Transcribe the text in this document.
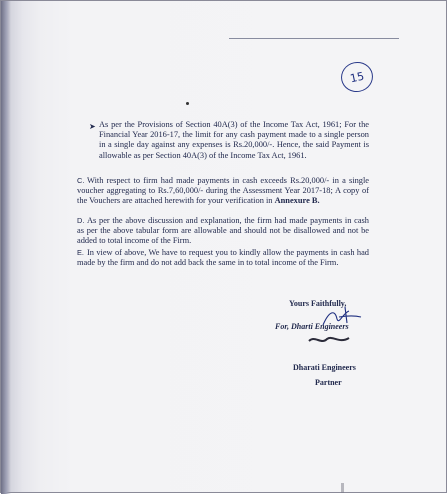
15
➤ As per the Provisions of Section 40A(3) of the Income Tax Act, 1961; For the Financial Year 2016-17, the limit for any cash payment made to a single person in a single day against any expenses is Rs.20,000/-. Hence, the said Payment is allowable as per Section 40A(3) of the Income Tax Act, 1961.
C. With respect to firm had made payments in cash exceeds Rs.20,000/- in a single voucher aggregating to Rs.7,60,000/- during the Assessment Year 2017-18; A copy of the Vouchers are attached herewith for your verification in Annexure B.
D. As per the above discussion and explanation, the firm had made payments in cash as per the above tabular form are allowable and should not be disallowed and not be added to total income of the Firm.
E. In view of above, We have to request you to kindly allow the payments in cash had made by the firm and do not add back the same in to total income of the Firm.
Yours Faithfully,
For, Dharti Engineers
Dharati Engineers
Partner
